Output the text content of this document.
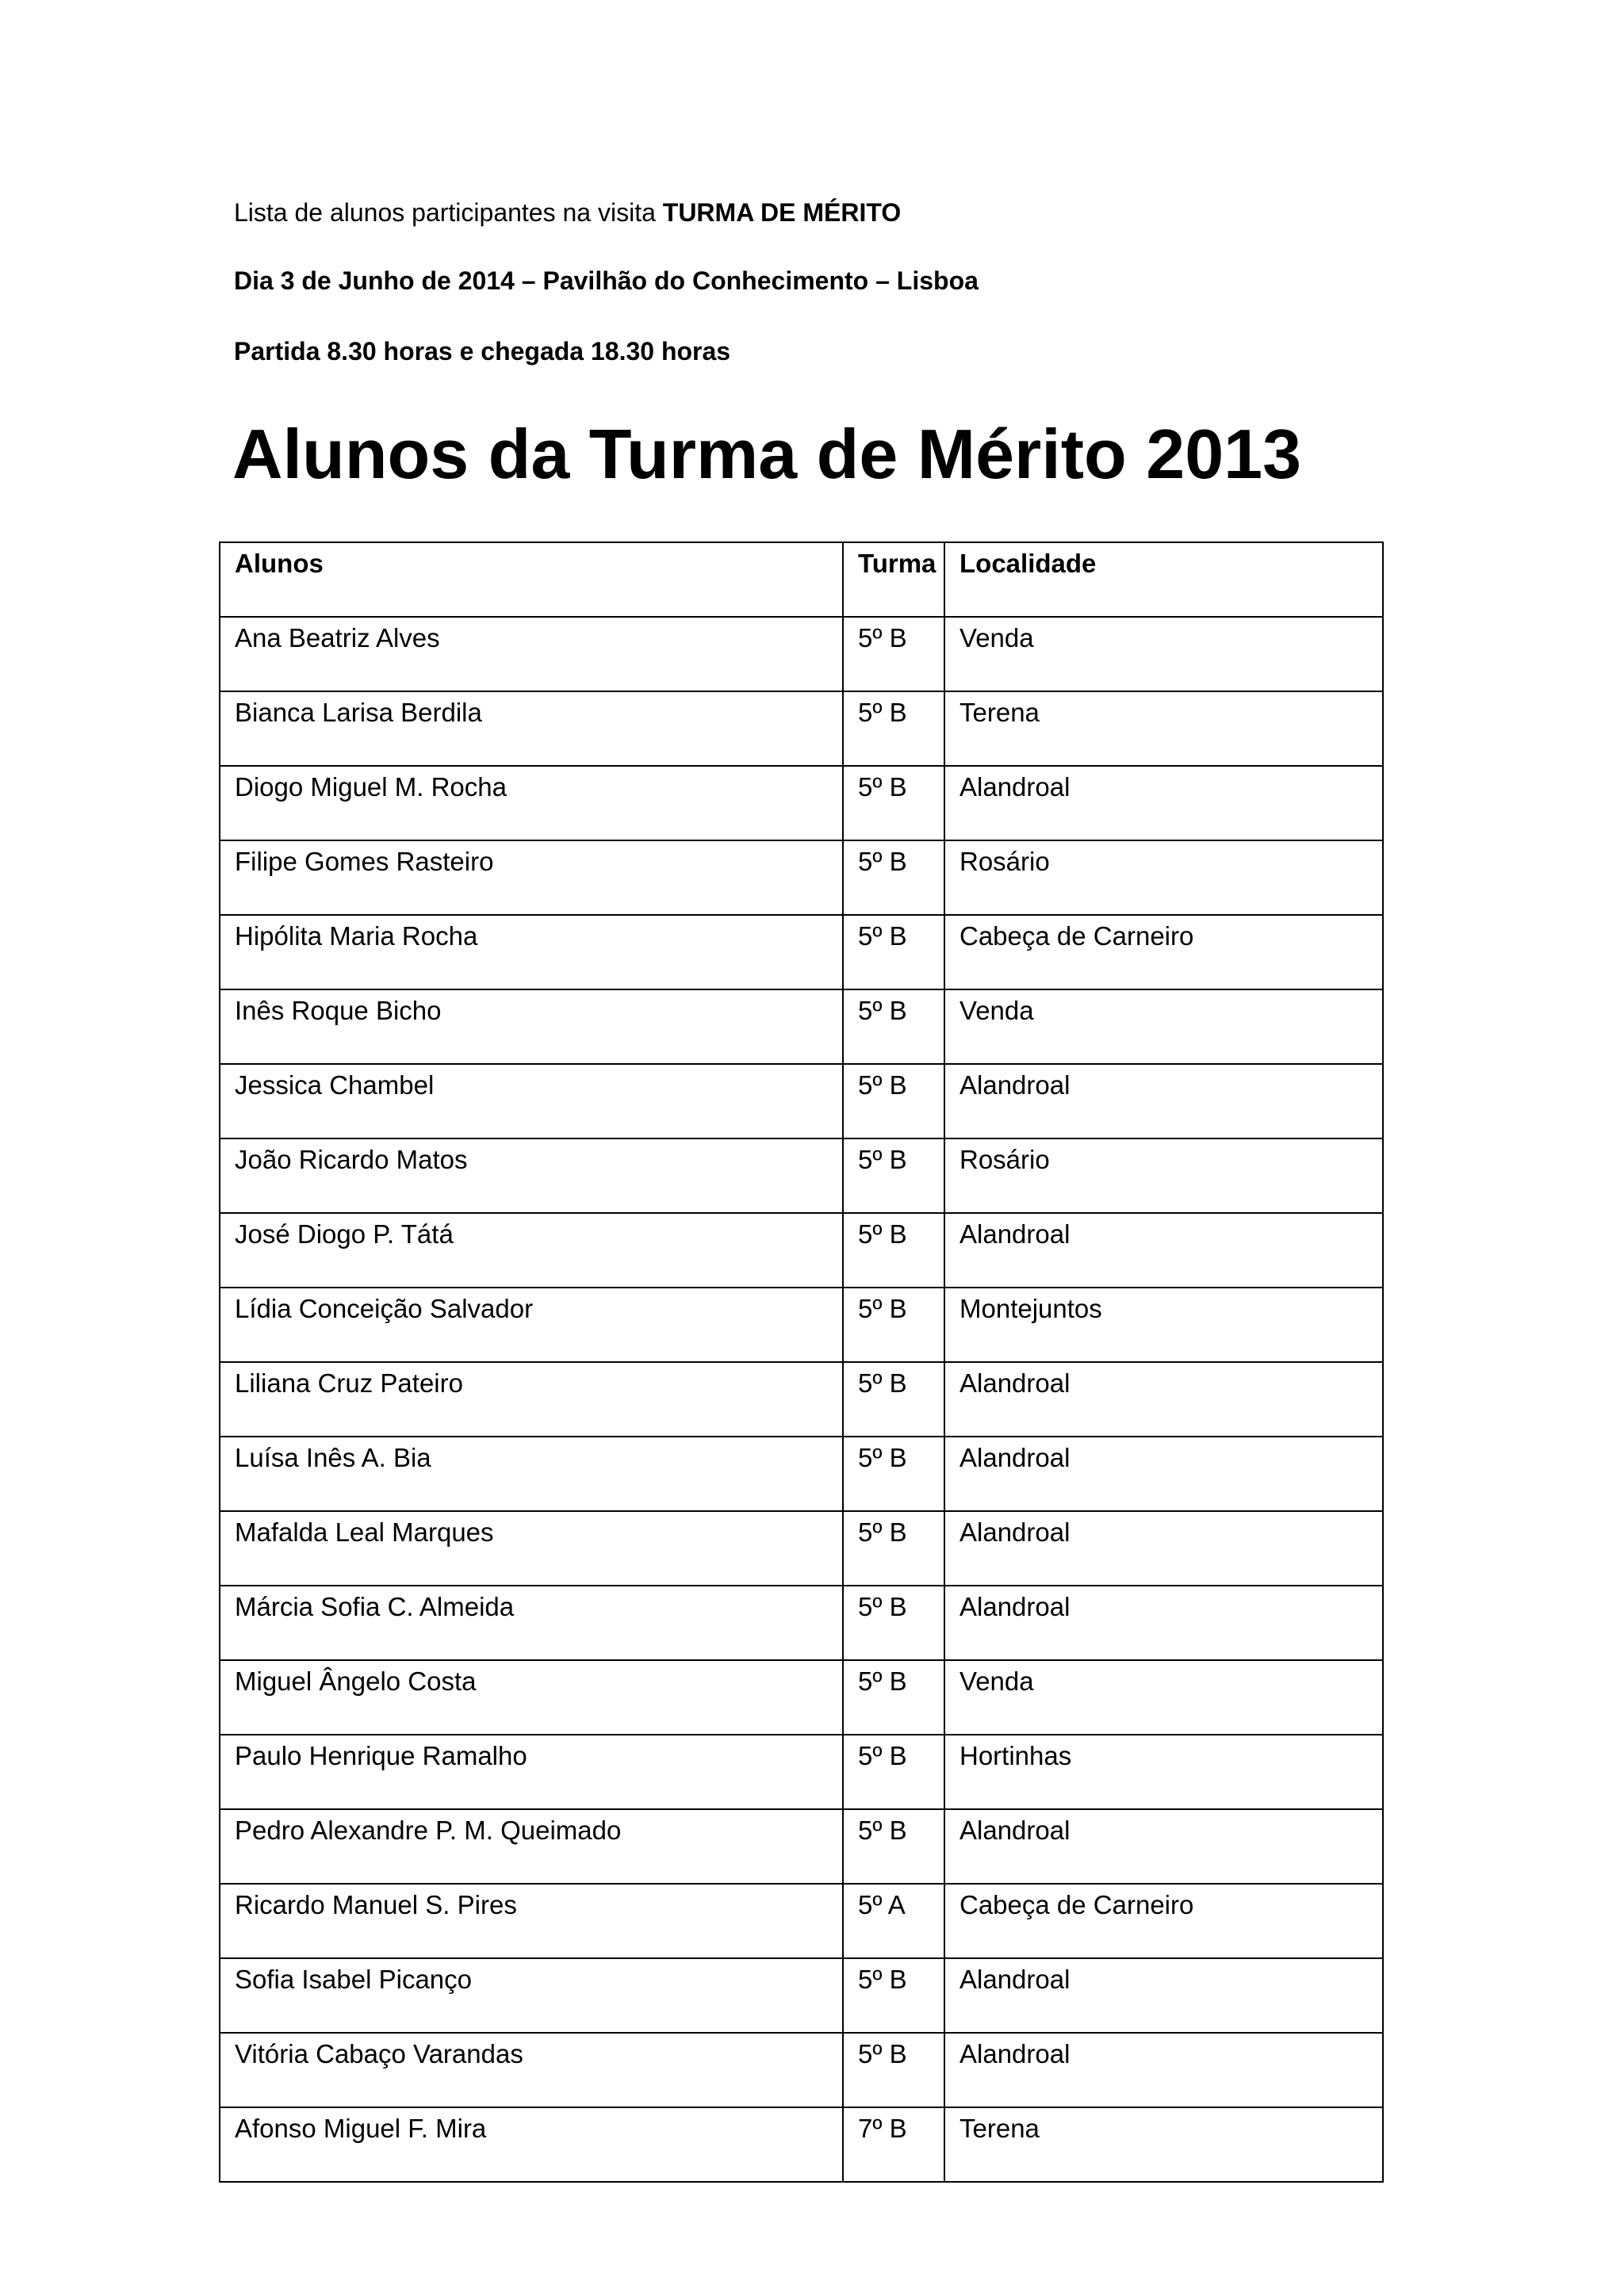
Lista de alunos participantes na visita TURMA DE MÉRITO
Dia 3 de Junho de 2014 – Pavilhão do Conhecimento – Lisboa
Partida 8.30 horas e chegada 18.30 horas
Alunos da Turma de Mérito 2013
Alunos	Turma	Localidade
Ana Beatriz Alves	5º B	Venda
Bianca Larisa Berdila	5º B	Terena
Diogo Miguel M. Rocha	5º B	Alandroal
Filipe Gomes Rasteiro	5º B	Rosário
Hipólita Maria Rocha	5º B	Cabeça de Carneiro
Inês Roque Bicho	5º B	Venda
Jessica Chambel	5º B	Alandroal
João Ricardo Matos	5º B	Rosário
José Diogo P. Tátá	5º B	Alandroal
Lídia Conceição Salvador	5º B	Montejuntos
Liliana Cruz Pateiro	5º B	Alandroal
Luísa Inês A. Bia	5º B	Alandroal
Mafalda Leal Marques	5º B	Alandroal
Márcia Sofia C. Almeida	5º B	Alandroal
Miguel Ângelo Costa	5º B	Venda
Paulo Henrique Ramalho	5º B	Hortinhas
Pedro Alexandre P. M. Queimado	5º B	Alandroal
Ricardo Manuel S. Pires	5º A	Cabeça de Carneiro
Sofia Isabel Picanço	5º B	Alandroal
Vitória Cabaço Varandas	5º B	Alandroal
Afonso Miguel F. Mira	7º B	Terena
